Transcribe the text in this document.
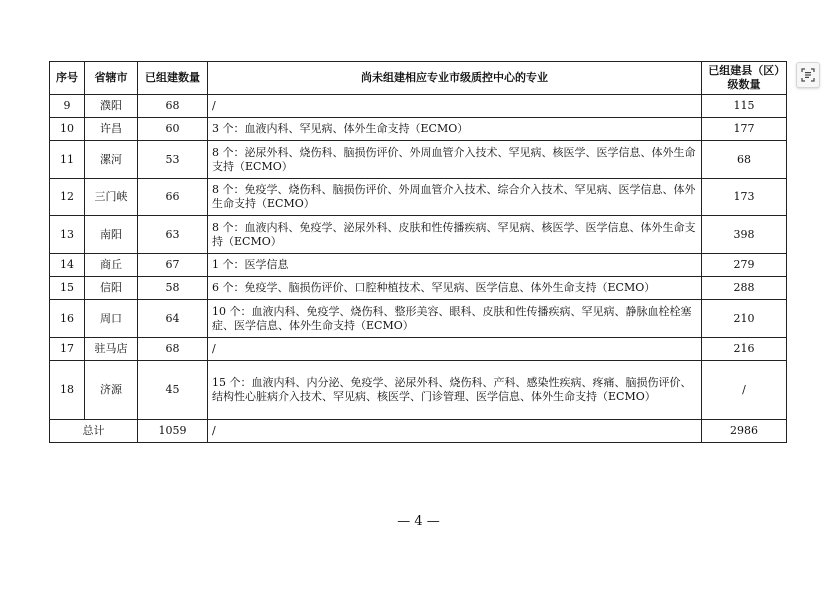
序号	省辖市	已组建数量	尚未组建相应专业市级质控中心的专业	已组建县（区）级数量
9	濮阳	68	/	115
10	许昌	60	3 个：血液内科、罕见病、体外生命支持（ECMO）	177
11	漯河	53	8 个：泌尿外科、烧伤科、脑损伤评价、外周血管介入技术、罕见病、核医学、医学信息、体外生命支持（ECMO）	68
12	三门峡	66	8 个：免疫学、烧伤科、脑损伤评价、外周血管介入技术、综合介入技术、罕见病、医学信息、体外生命支持（ECMO）	173
13	南阳	63	8 个：血液内科、免疫学、泌尿外科、皮肤和性传播疾病、罕见病、核医学、医学信息、体外生命支持（ECMO）	398
14	商丘	67	1 个：医学信息	279
15	信阳	58	6 个：免疫学、脑损伤评价、口腔种植技术、罕见病、医学信息、体外生命支持（ECMO）	288
16	周口	64	10 个：血液内科、免疫学、烧伤科、整形美容、眼科、皮肤和性传播疾病、罕见病、静脉血栓栓塞症、医学信息、体外生命支持（ECMO）	210
17	驻马店	68	/	216
18	济源	45	15 个：血液内科、内分泌、免疫学、泌尿外科、烧伤科、产科、感染性疾病、疼痛、脑损伤评价、结构性心脏病介入技术、罕见病、核医学、门诊管理、医学信息、体外生命支持（ECMO）	/
总计		1059	/	2986
— 4 —
